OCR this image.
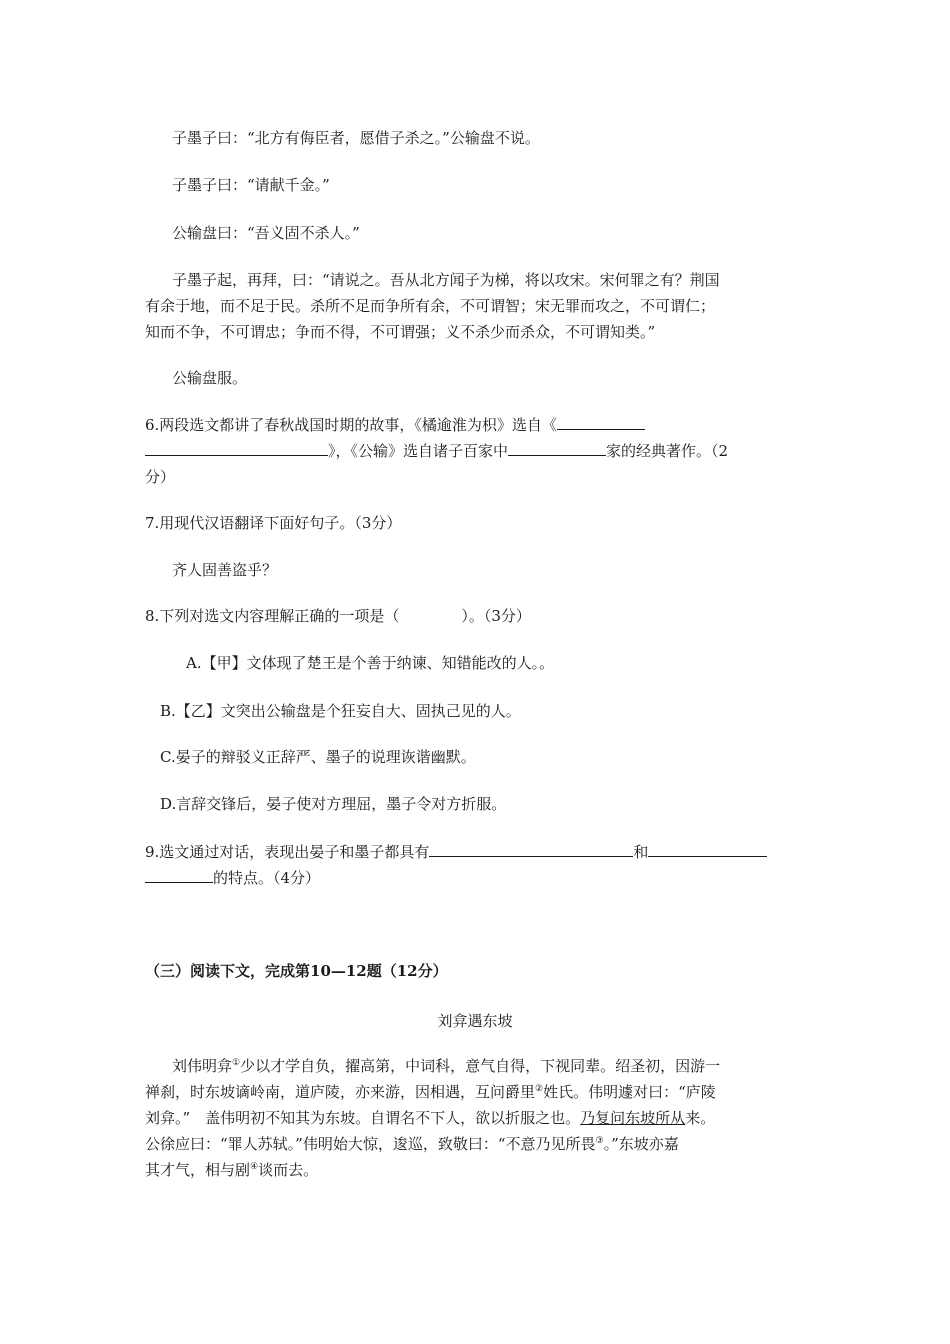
子墨子曰：“北方有侮臣者，愿借子杀之。”公输盘不说。
子墨子曰：“请献千金。”
公输盘曰：“吾义固不杀人。”
子墨子起，再拜，曰：“请说之。吾从北方闻子为梯，将以攻宋。宋何罪之有？荆国
有余于地，而不足于民。杀所不足而争所有余，不可谓智；宋无罪而攻之，不可谓仁；
知而不争，不可谓忠；争而不得，不可谓强；义不杀少而杀众，不可谓知类。”
公输盘服。
6.两段选文都讲了春秋战国时期的故事，《橘逾淮为枳》选自《
》，《公输》选自诸子百家中	家的经典著作。（2
分）
7.用现代汉语翻译下面好句子。（3分）
齐人固善盗乎？
8.下列对选文内容理解正确的一项是（	）。（3分）
A.【甲】文体现了楚王是个善于纳谏、知错能改的人。。
B.【乙】文突出公输盘是个狂妄自大、固执己见的人。
C.晏子的辩驳义正辞严、墨子的说理诙谐幽默。
D.言辞交锋后，晏子使对方理屈，墨子令对方折服。
9.选文通过对话，表现出晏子和墨子都具有	和
的特点。（4分）
（三）阅读下文，完成第10—12题（12分）
刘弇遇东坡
刘伟明弇①少以才学自负，擢高第，中词科，意气自得，下视同辈。绍圣初，因游一
禅刹，时东坡谪岭南，道庐陵，亦来游，因相遇，互问爵里②姓氏。伟明遽对曰：“庐陵
刘弇。”　盖伟明初不知其为东坡。自谓名不下人，欲以折服之也。乃复问东坡所从来。
公徐应曰：“罪人苏轼。”伟明始大惊，逡巡，致敬曰：“不意乃见所畏③。”东坡亦嘉
其才气，相与剧④谈而去。
